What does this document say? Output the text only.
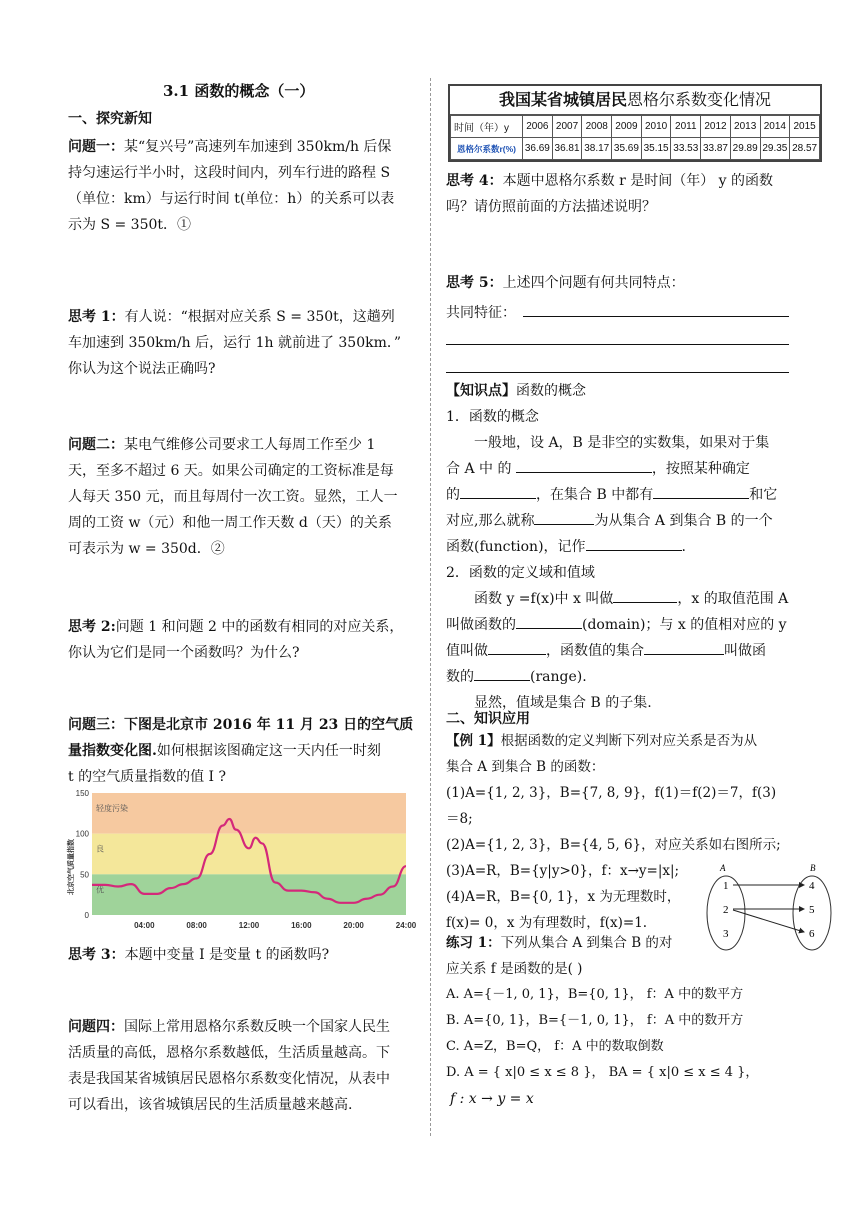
3.1 函数的概念（一）
一、探究新知
问题一：某“复兴号”高速列车加速到 350km/h 后保
持匀速运行半小时，这段时间内，列车行进的路程 S
（单位：km）与运行时间 t(单位：h）的关系可以表
示为 S = 350t．①
思考 1：有人说：“根据对应关系 S = 350t，这趟列
车加速到 350km/h 后，运行 1h 就前进了 350km．”
你认为这个说法正确吗?
问题二：某电气维修公司要求工人每周工作至少 1
天，至多不超过 6 天。如果公司确定的工资标准是每
人每天 350 元，而且每周付一次工资。显然，工人一
周的工资 w（元）和他一周工作天数 d（天）的关系
可表示为 w = 350d．②
思考 2:问题 1 和问题 2 中的函数有相同的对应关系，
你认为它们是同一个函数吗？为什么?
问题三：下图是北京市 2016 年 11 月 23 日的空气质
量指数变化图.如何根据该图确定这一天内任一时刻
t 的空气质量指数的值 I ?
轻度污染
良
优
150
100
50
0
04:00	08:00	12:00	16:00	20:00	24:00
北京空气质量指数
思考 3：本题中变量 I 是变量 t 的函数吗?
问题四：国际上常用恩格尔系数反映一个国家人民生
活质量的高低，恩格尔系数越低，生活质量越高。下
表是我国某省城镇居民恩格尔系数变化情况，从表中
可以看出，该省城镇居民的生活质量越来越高.
我国某省城镇居民恩格尔系数变化情况
时间（年）y	2006	2007	2008	2009	2010	2011	2012	2013	2014	2015
恩格尔系数r(%)	36.69	36.81	38.17	35.69	35.15	33.53	33.87	29.89	29.35	28.57
思考 4：本题中恩格尔系数 r 是时间（年） y 的函数
吗？请仿照前面的方法描述说明？
思考 5：上述四个问题有何共同特点：
共同特征：
【知识点】函数的概念
1．函数的概念
一般地，设 A，B 是非空的实数集，如果对于集
合 A 中 的	，按照某种确定
的	，在集合 B 中都有	和它
对应,那么就称	为从集合 A 到集合 B 的一个
函数(function)，记作	.
2．函数的定义域和值域
函数 y =f(x)中 x 叫做	，x 的取值范围 A
叫做函数的	(domain)；与 x 的值相对应的 y
值叫做	，函数值的集合	叫做函
数的	(range).
显然，值域是集合 B 的子集.
二、知识应用
【例 1】根据函数的定义判断下列对应关系是否为从
集合 A 到集合 B 的函数：
(1)A={1, 2, 3}，B={7, 8, 9}，f(1)＝f(2)＝7，f(3)
＝8;
(2)A={1, 2, 3}，B={4, 5, 6}，对应关系如右图所示;
(3)A=R，B={y|y>0}，f：x→y=|x|;
(4)A=R，B={0, 1}，x 为无理数时，
f(x)= 0，x 为有理数时，f(x)=1.
A	B
1
2
3
4
5
6
练习 1：下列从集合 A 到集合 B 的对
应关系 f 是函数的是( )
A. A={－1, 0, 1}，B={0, 1}， f：A 中的数平方
B. A={0, 1}，B={－1, 0, 1}， f：A 中的数开方
C. A=Z，B=Q， f：A 中的数取倒数
D. A = { x|0 ≤ x ≤ 8 }， BA = { x|0 ≤ x ≤ 4 }，
f : x → y = x
